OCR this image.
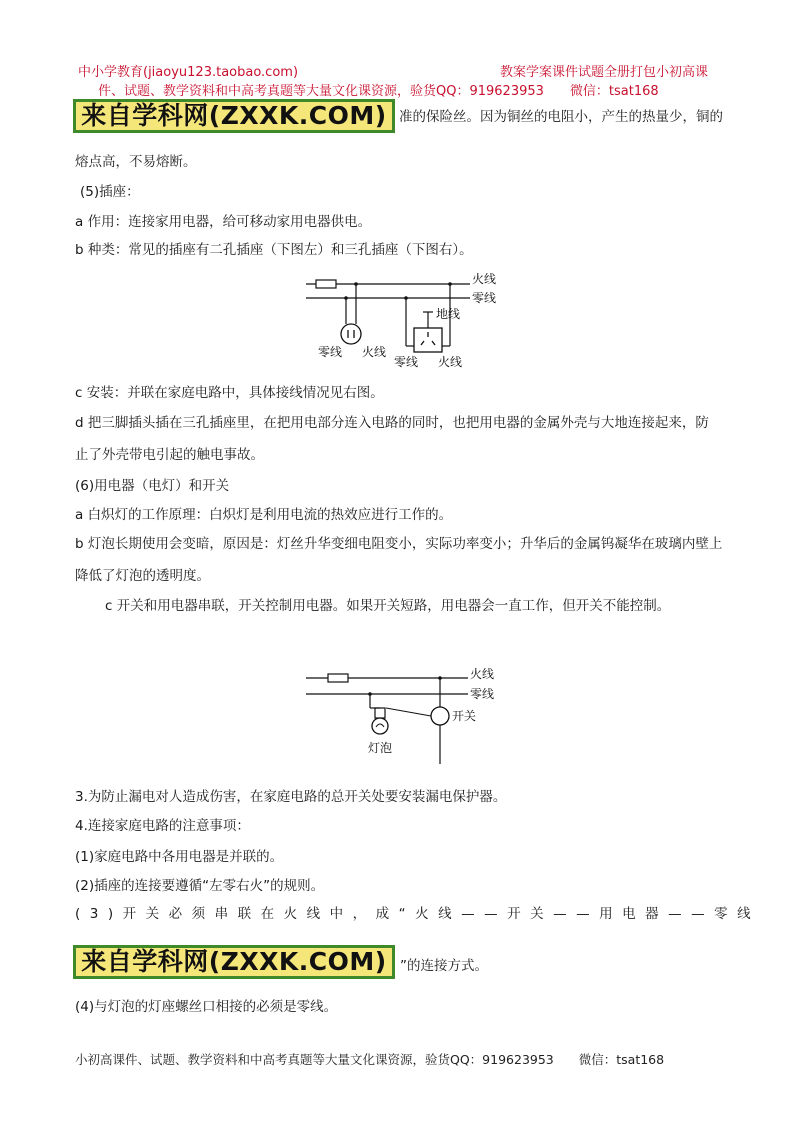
中小学教育(jiaoyu123.taobao.com)	教案学案课件试题全册打包小初高课
件、试题、教学资料和中高考真题等大量文化课资源，验货QQ：919623953　　微信：tsat168
来自学科网(ZXXK.COM) 准的保险丝。因为铜丝的电阻小，产生的热量少，铜的
熔点高，不易熔断。
(5)插座：
a 作用：连接家用电器，给可移动家用电器供电。
b 种类：常见的插座有二孔插座（下图左）和三孔插座（下图右）。
火线
零线
零线 火线
地线
零线 火线
c 安装：并联在家庭电路中，具体接线情况见右图。
d 把三脚插头插在三孔插座里，在把用电部分连入电路的同时，也把用电器的金属外壳与大地连接起来，防
止了外壳带电引起的触电事故。
(6)用电器（电灯）和开关
a 白炽灯的工作原理：白炽灯是利用电流的热效应进行工作的。
b 灯泡长期使用会变暗，原因是：灯丝升华变细电阻变小，实际功率变小；升华后的金属钨凝华在玻璃内壁上
降低了灯泡的透明度。
c 开关和用电器串联，开关控制用电器。如果开关短路，用电器会一直工作，但开关不能控制。
火线
零线
灯泡
开关
3.为防止漏电对人造成伤害，在家庭电路的总开关处要安装漏电保护器。
4.连接家庭电路的注意事项：
(1)家庭电路中各用电器是并联的。
(2)插座的连接要遵循“左零右火”的规则。
(3)开关必须串联在火线中，成“火线——开关——用电器——零线
来自学科网(ZXXK.COM) ”的连接方式。
(4)与灯泡的灯座螺丝口相接的必须是零线。
小初高课件、试题、教学资料和中高考真题等大量文化课资源，验货QQ：919623953　　微信：tsat168
